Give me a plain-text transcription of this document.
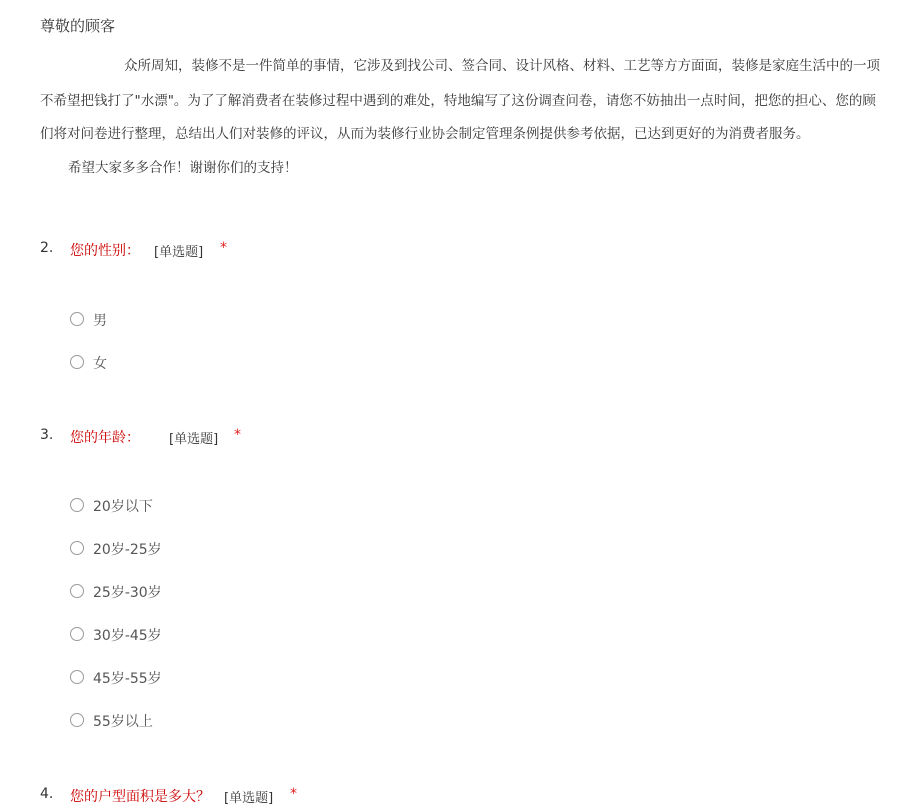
尊敬的顾客
众所周知，装修不是一件简单的事情，它涉及到找公司、签合同、设计风格、材料、工艺等方方面面，装修是家庭生活中的一项
不希望把钱打了"水漂"。为了了解消费者在装修过程中遇到的难处，特地编写了这份调查问卷，请您不妨抽出一点时间，把您的担心、您的顾
们将对问卷进行整理，总结出人们对装修的评议，从而为装修行业协会制定管理条例提供参考依据，已达到更好的为消费者服务。
希望大家多多合作！谢谢你们的支持！
2. 您的性别： [单选题] *
男
女
3. 您的年龄： [单选题] *
20岁以下
20岁-25岁
25岁-30岁
30岁-45岁
45岁-55岁
55岁以上
4. 您的户型面积是多大？ [单选题] *
